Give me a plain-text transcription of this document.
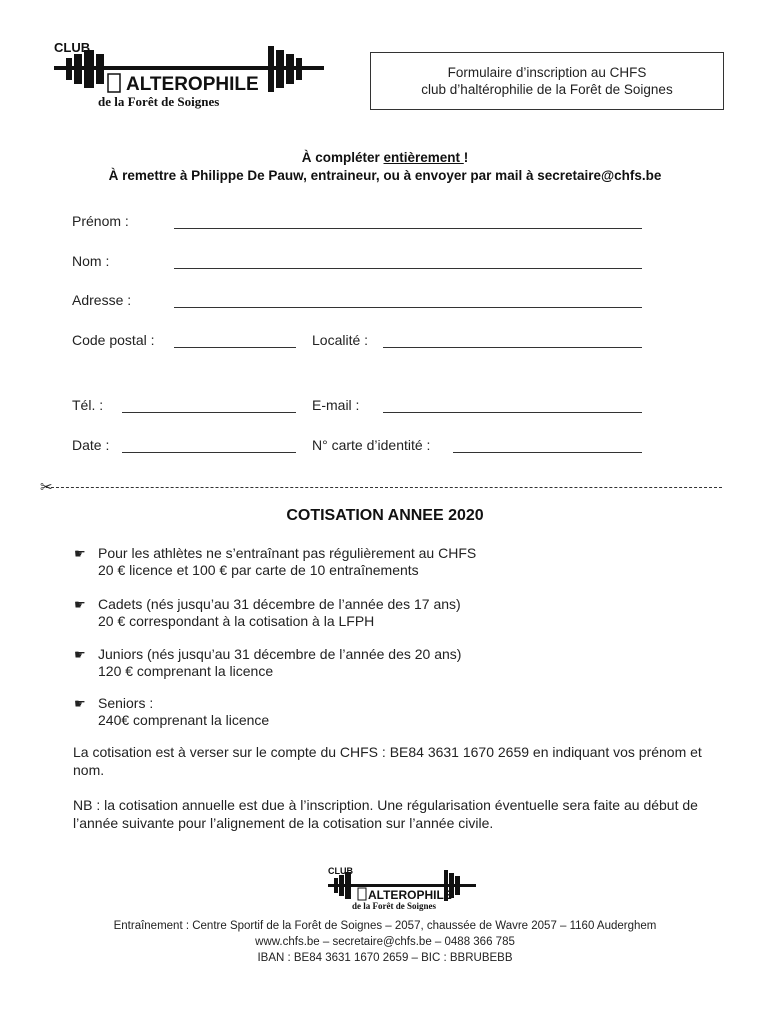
CLUB
ALTEROPHILE
de la Forêt de Soignes
Formulaire d’inscription au CHFS
club d’haltérophilie de la Forêt de Soignes
À compléter entièrement !
À remettre à Philippe De Pauw, entraineur, ou à envoyer par mail à secretaire@chfs.be
Prénom :
Nom :
Adresse :
Code postal :	Localité :
Tél. :	E-mail :
Date :	N° carte d’identité :
✂
COTISATION ANNEE 2020
☛ Pour les athlètes ne s’entraînant pas régulièrement au CHFS
20 € licence et 100 € par carte de 10 entraînements
☛ Cadets (nés jusqu’au 31 décembre de l’année des 17 ans)
20 € correspondant à la cotisation à la LFPH
☛ Juniors (nés jusqu’au 31 décembre de l’année des 20 ans)
120 € comprenant la licence
☛ Seniors :
240€ comprenant la licence
La cotisation est à verser sur le compte du CHFS : BE84 3631 1670 2659 en indiquant vos prénom et nom.
NB : la cotisation annuelle est due à l’inscription. Une régularisation éventuelle sera faite au début de l’année suivante pour l’alignement de la cotisation sur l’année civile.
CLUB
ALTEROPHILE
de la Forêt de Soignes
Entraînement : Centre Sportif de la Forêt de Soignes – 2057, chaussée de Wavre 2057 – 1160 Auderghem
www.chfs.be – secretaire@chfs.be – 0488 366 785
IBAN : BE84 3631 1670 2659 – BIC : BBRUBEBB
